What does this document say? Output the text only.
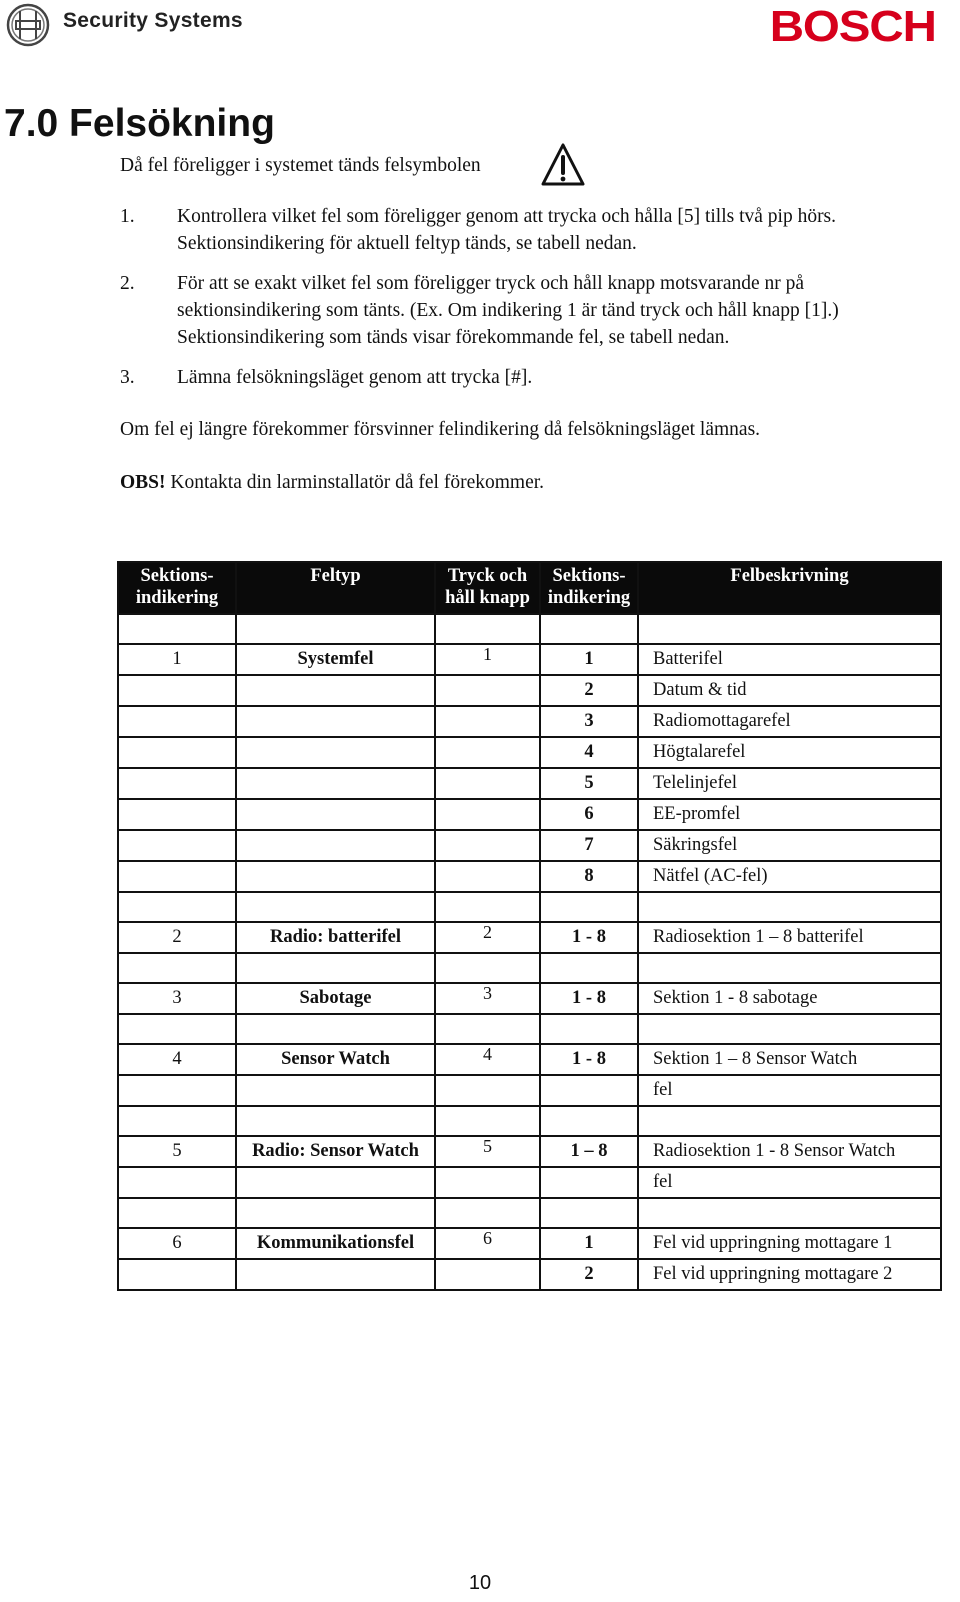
Security Systems	BOSCH
7.0 Felsökning
Då fel föreligger i systemet tänds felsymbolen
1.	Kontrollera vilket fel som föreligger genom att trycka och hålla [5] tills två pip hörs. Sektionsindikering för aktuell feltyp tänds, se tabell nedan.
2.	För att se exakt vilket fel som föreligger tryck och håll knapp motsvarande nr på sektionsindikering som tänts. (Ex. Om indikering 1 är tänd tryck och håll knapp [1].) Sektionsindikering som tänds visar förekommande fel, se tabell nedan.
3.	Lämna felsökningsläget genom att trycka [#].
Om fel ej längre förekommer försvinner felindikering då felsökningsläget lämnas.
OBS! Kontakta din larminstallatör då fel förekommer.
Sektions-indikering	Feltyp	Tryck och håll knapp	Sektions-indikering	Felbeskrivning

1	Systemfel	1	1	Batterifel
			2	Datum & tid
			3	Radiomottagarefel
			4	Högtalarefel
			5	Telelinjefel
			6	EE-promfel
			7	Säkringsfel
			8	Nätfel (AC-fel)

2	Radio: batterifel	2	1 - 8	Radiosektion 1 – 8 batterifel

3	Sabotage	3	1 - 8	Sektion 1 - 8 sabotage

4	Sensor Watch	4	1 - 8	Sektion 1 – 8 Sensor Watch
				fel

5	Radio: Sensor Watch	5	1 – 8	Radiosektion 1 - 8 Sensor Watch
				fel

6	Kommunikationsfel	6	1	Fel vid uppringning mottagare 1
			2	Fel vid uppringning mottagare 2
10
